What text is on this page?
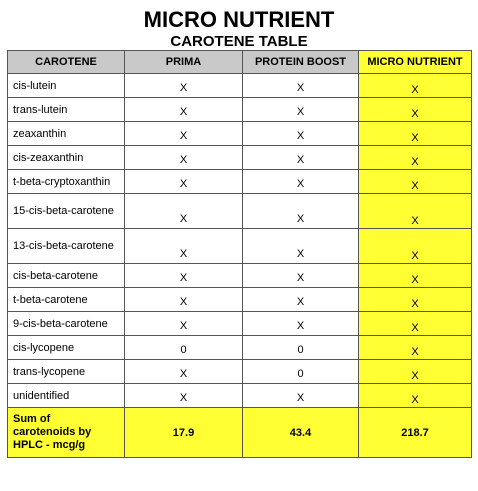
MICRO NUTRIENT
CAROTENE TABLE
CAROTENE	PRIMA	PROTEIN BOOST	MICRO NUTRIENT
cis-lutein	X	X	X
trans-lutein	X	X	X
zeaxanthin	X	X	X
cis-zeaxanthin	X	X	X
t-beta-cryptoxanthin	X	X	X
15-cis-beta-carotene	X	X	X
13-cis-beta-carotene	X	X	X
cis-beta-carotene	X	X	X
t-beta-carotene	X	X	X
9-cis-beta-carotene	X	X	X
cis-lycopene	0	0	X
trans-lycopene	X	0	X
unidentified	X	X	X

Sum of
carotenoids by
HPLC - mcg/g	17.9	43.4	218.7
